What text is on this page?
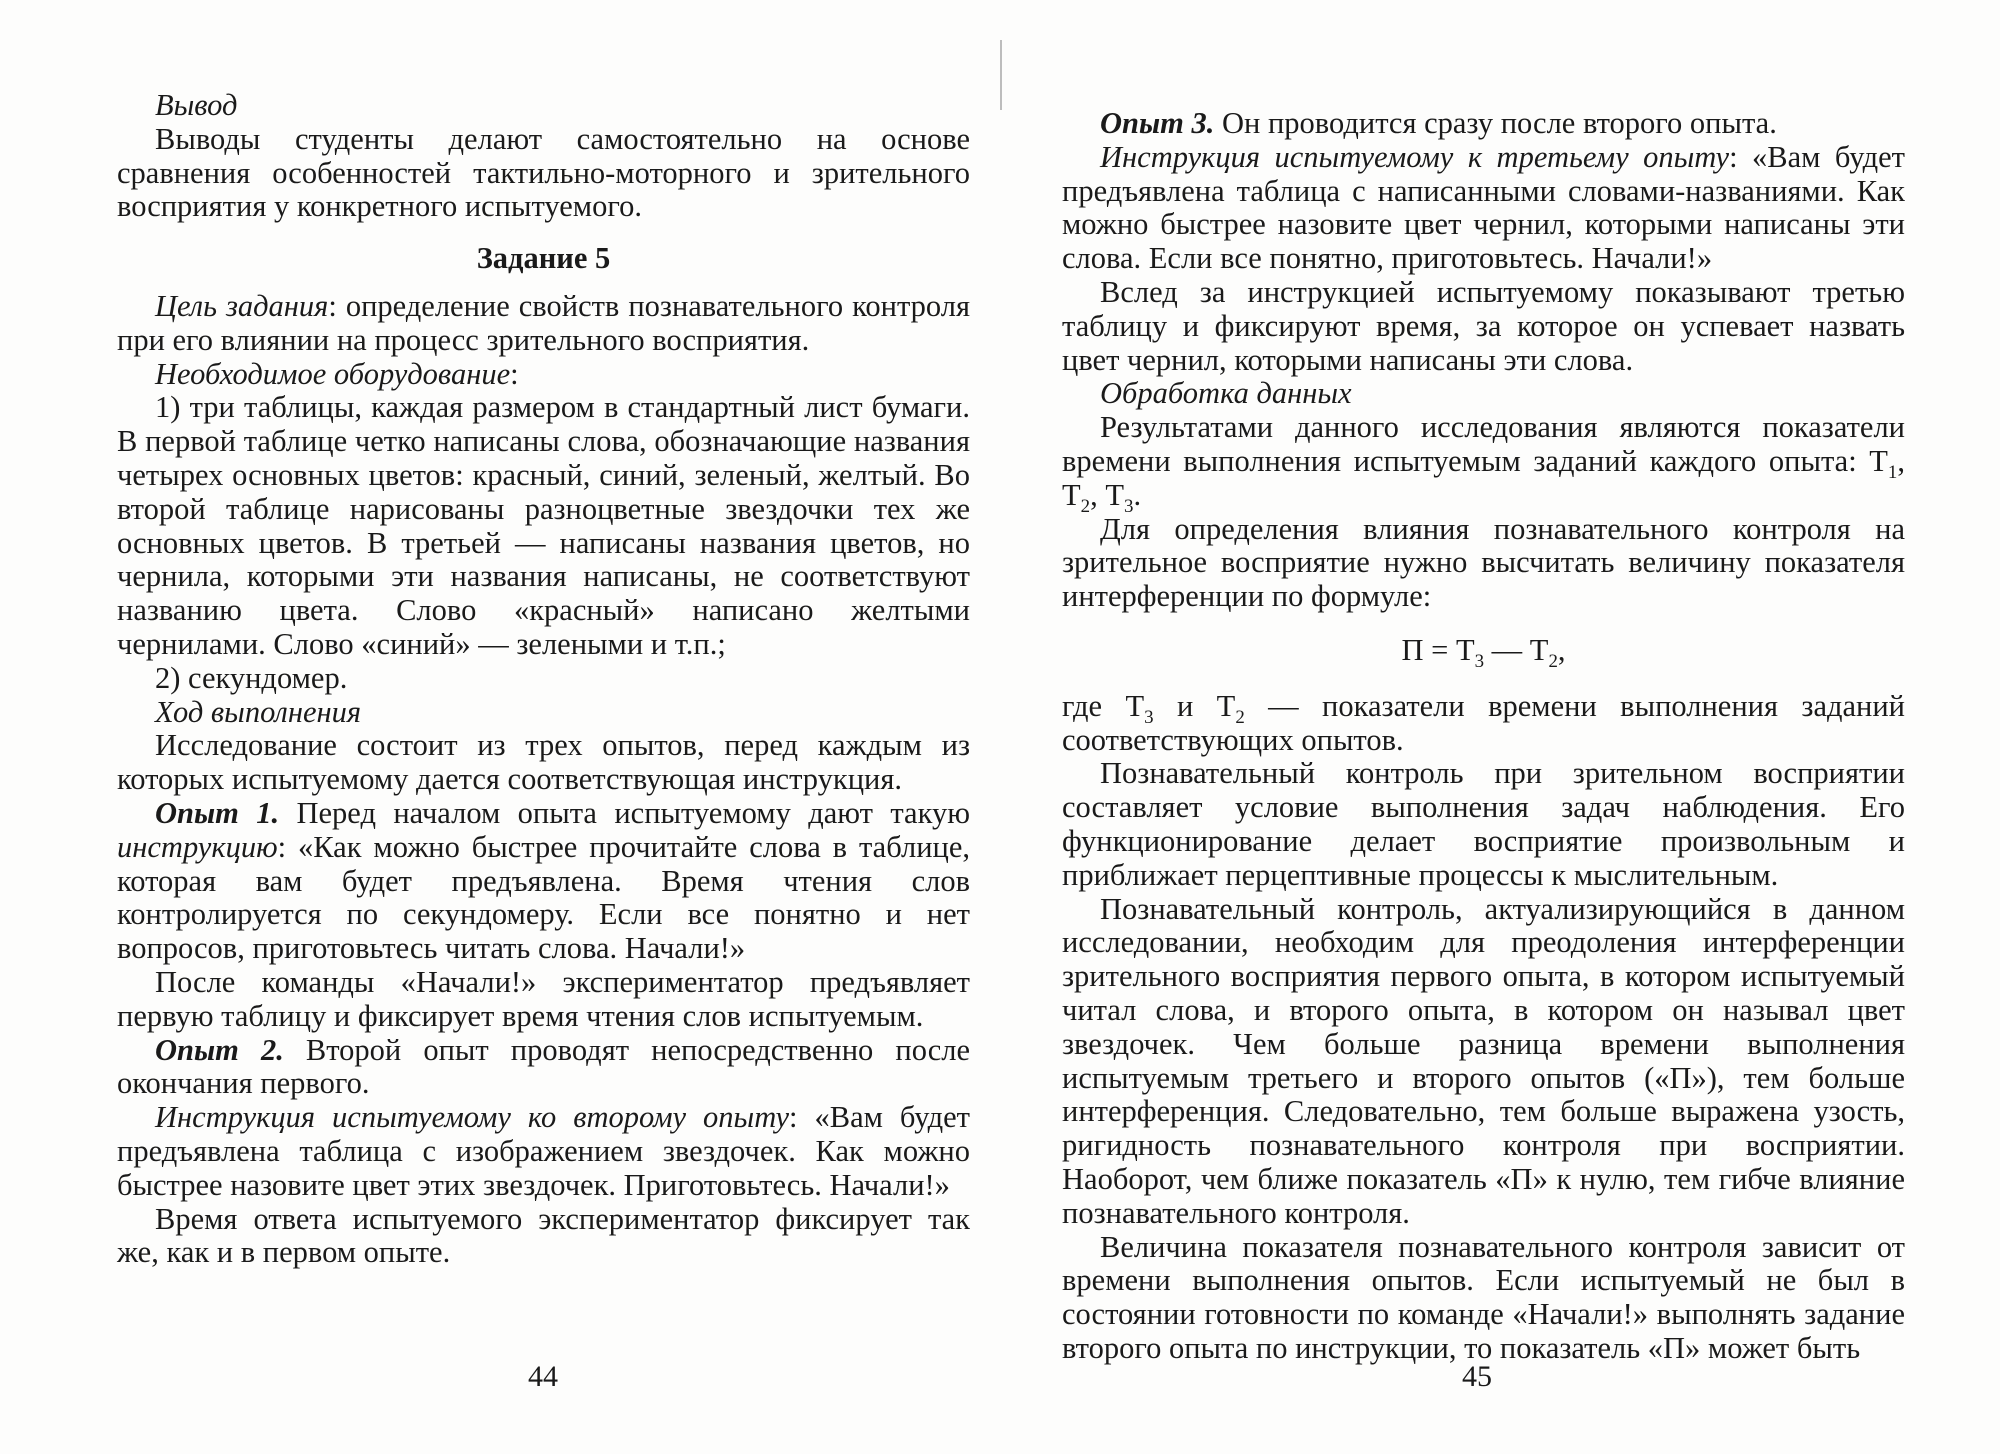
Вывод

Выводы студенты делают самостоятельно на основе сравнения особенностей тактильно-моторного и зрительного восприятия у конкретного испытуемого.

Задание 5

Цель задания: определение свойств познавательного контроля при его влиянии на процесс зрительного восприятия.

Необходимое оборудование:

1) три таблицы, каждая размером в стандартный лист бумаги. В первой таблице четко написаны слова, обозначающие названия четырех основных цветов: красный, синий, зеленый, желтый. Во второй таблице нарисованы разноцветные звездочки тех же основных цветов. В третьей — написаны названия цветов, но чернила, которыми эти названия написаны, не соответствуют названию цвета. Слово «красный» написано желтыми чернилами. Слово «синий» — зелеными и т.п.;

2) секундомер.

Ход выполнения

Исследование состоит из трех опытов, перед каждым из которых испытуемому дается соответствующая инструкция.

Опыт 1. Перед началом опыта испытуемому дают такую инструкцию: «Как можно быстрее прочитайте слова в таблице, которая вам будет предъявлена. Время чтения слов контролируется по секундомеру. Если все понятно и нет вопросов, приготовьтесь читать слова. Начали!»

После команды «Начали!» экспериментатор предъявляет первую таблицу и фиксирует время чтения слов испытуемым.

Опыт 2. Второй опыт проводят непосредственно после окончания первого.

Инструкция испытуемому ко второму опыту: «Вам будет предъявлена таблица с изображением звездочек. Как можно быстрее назовите цвет этих звездочек. Приготовьтесь. Начали!»

Время ответа испытуемого экспериментатор фиксирует так же, как и в первом опыте.

44

Опыт 3. Он проводится сразу после второго опыта.

Инструкция испытуемому к третьему опыту: «Вам будет предъявлена таблица с написанными словами-названиями. Как можно быстрее назовите цвет чернил, которыми написаны эти слова. Если все понятно, приготовьтесь. Начали!»

Вслед за инструкцией испытуемому показывают третью таблицу и фиксируют время, за которое он успевает назвать цвет чернил, которыми написаны эти слова.

Обработка данных

Результатами данного исследования являются показатели времени выполнения испытуемым заданий каждого опыта: $Т_1$, $Т_2$, $Т_3$.

Для определения влияния познавательного контроля на зрительное восприятие нужно высчитать величину показателя интерференции по формуле:

$П = Т_3$ — $Т_2$,

где $Т_3$ и $Т_2$ — показатели времени выполнения заданий соответствующих опытов.

Познавательный контроль при зрительном восприятии составляет условие выполнения задач наблюдения. Его функционирование делает восприятие произвольным и приближает перцептивные процессы к мыслительным.

Познавательный контроль, актуализирующийся в данном исследовании, необходим для преодоления интерференции зрительного восприятия первого опыта, в котором испытуемый читал слова, и второго опыта, в котором он называл цвет звездочек. Чем больше разница времени выполнения испытуемым третьего и второго опытов («П»), тем больше интерференция. Следовательно, тем больше выражена узость, ригидность познавательного контроля при восприятии. Наоборот, чем ближе показатель «П» к нулю, тем гибче влияние познавательного контроля.

Величина показателя познавательного контроля зависит от времени выполнения опытов. Если испытуемый не был в состоянии готовности по команде «Начали!» выполнять задание второго опыта по инструкции, то показатель «П» может быть

45
